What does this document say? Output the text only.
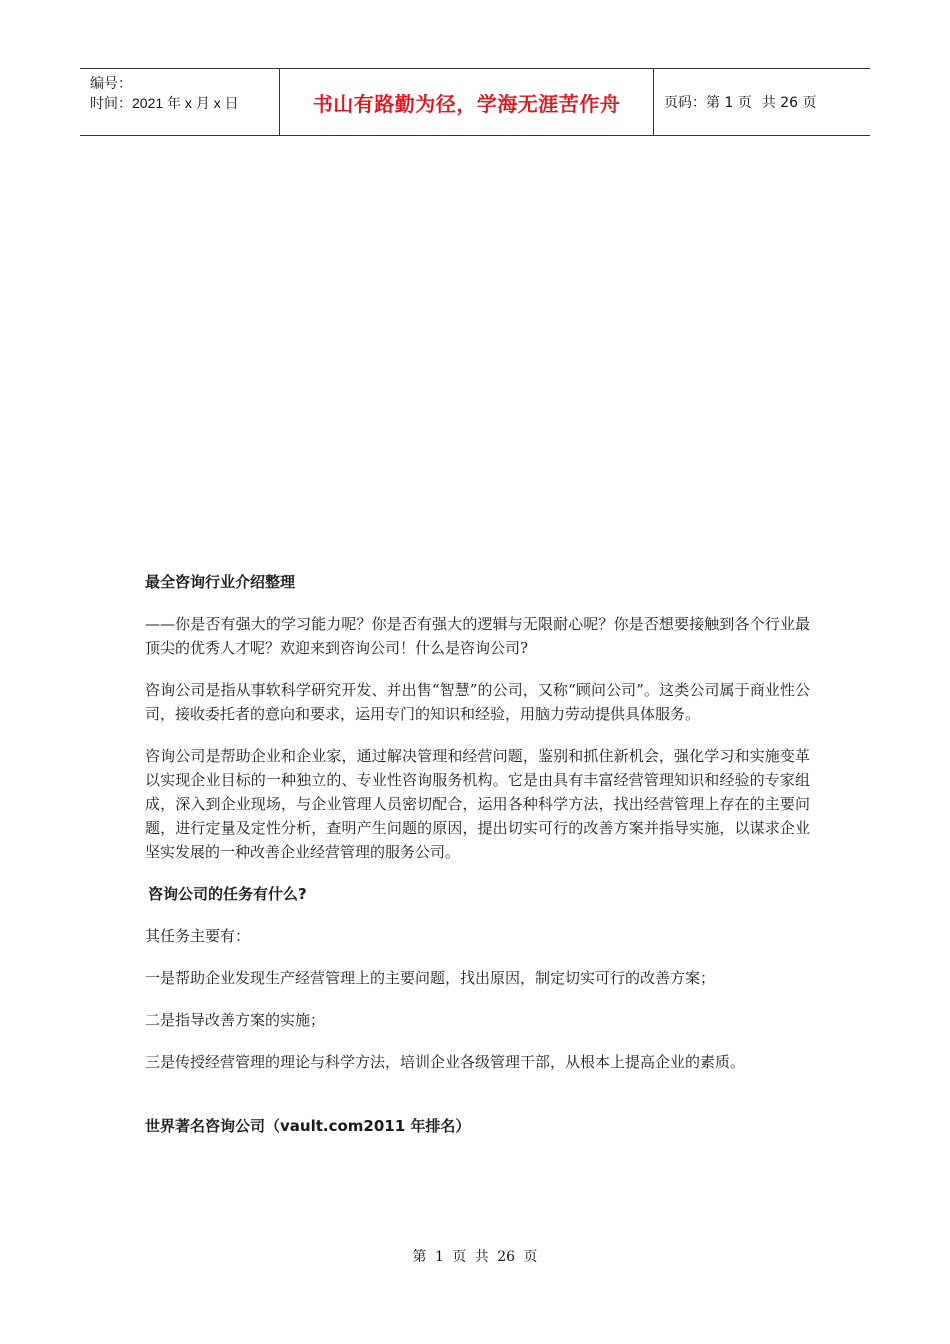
编号：
时间：2021 年 x 月 x 日	书山有路勤为径，学海无涯苦作舟	页码：第 1 页 共 26 页
最全咨询行业介绍整理

——你是否有强大的学习能力呢？你是否有强大的逻辑与无限耐心呢？你是否想要接触到各个行业最顶尖的优秀人才呢？欢迎来到咨询公司！什么是咨询公司?

咨询公司是指从事软科学研究开发、并出售“智慧”的公司，又称“顾问公司”。这类公司属于商业性公司，接收委托者的意向和要求，运用专门的知识和经验，用脑力劳动提供具体服务。

咨询公司是帮助企业和企业家，通过解决管理和经营问题，鉴别和抓住新机会，强化学习和实施变革以实现企业目标的一种独立的、专业性咨询服务机构。它是由具有丰富经营管理知识和经验的专家组成，深入到企业现场，与企业管理人员密切配合，运用各种科学方法，找出经营管理上存在的主要问题，进行定量及定性分析，查明产生问题的原因，提出切实可行的改善方案并指导实施，以谋求企业坚实发展的一种改善企业经营管理的服务公司。

咨询公司的任务有什么?
其任务主要有：
一是帮助企业发现生产经营管理上的主要问题，找出原因，制定切实可行的改善方案；
二是指导改善方案的实施；
三是传授经营管理的理论与科学方法，培训企业各级管理干部，从根本上提高企业的素质。
世界著名咨询公司（vault.com2011 年排名）
第 1 页 共 26 页
